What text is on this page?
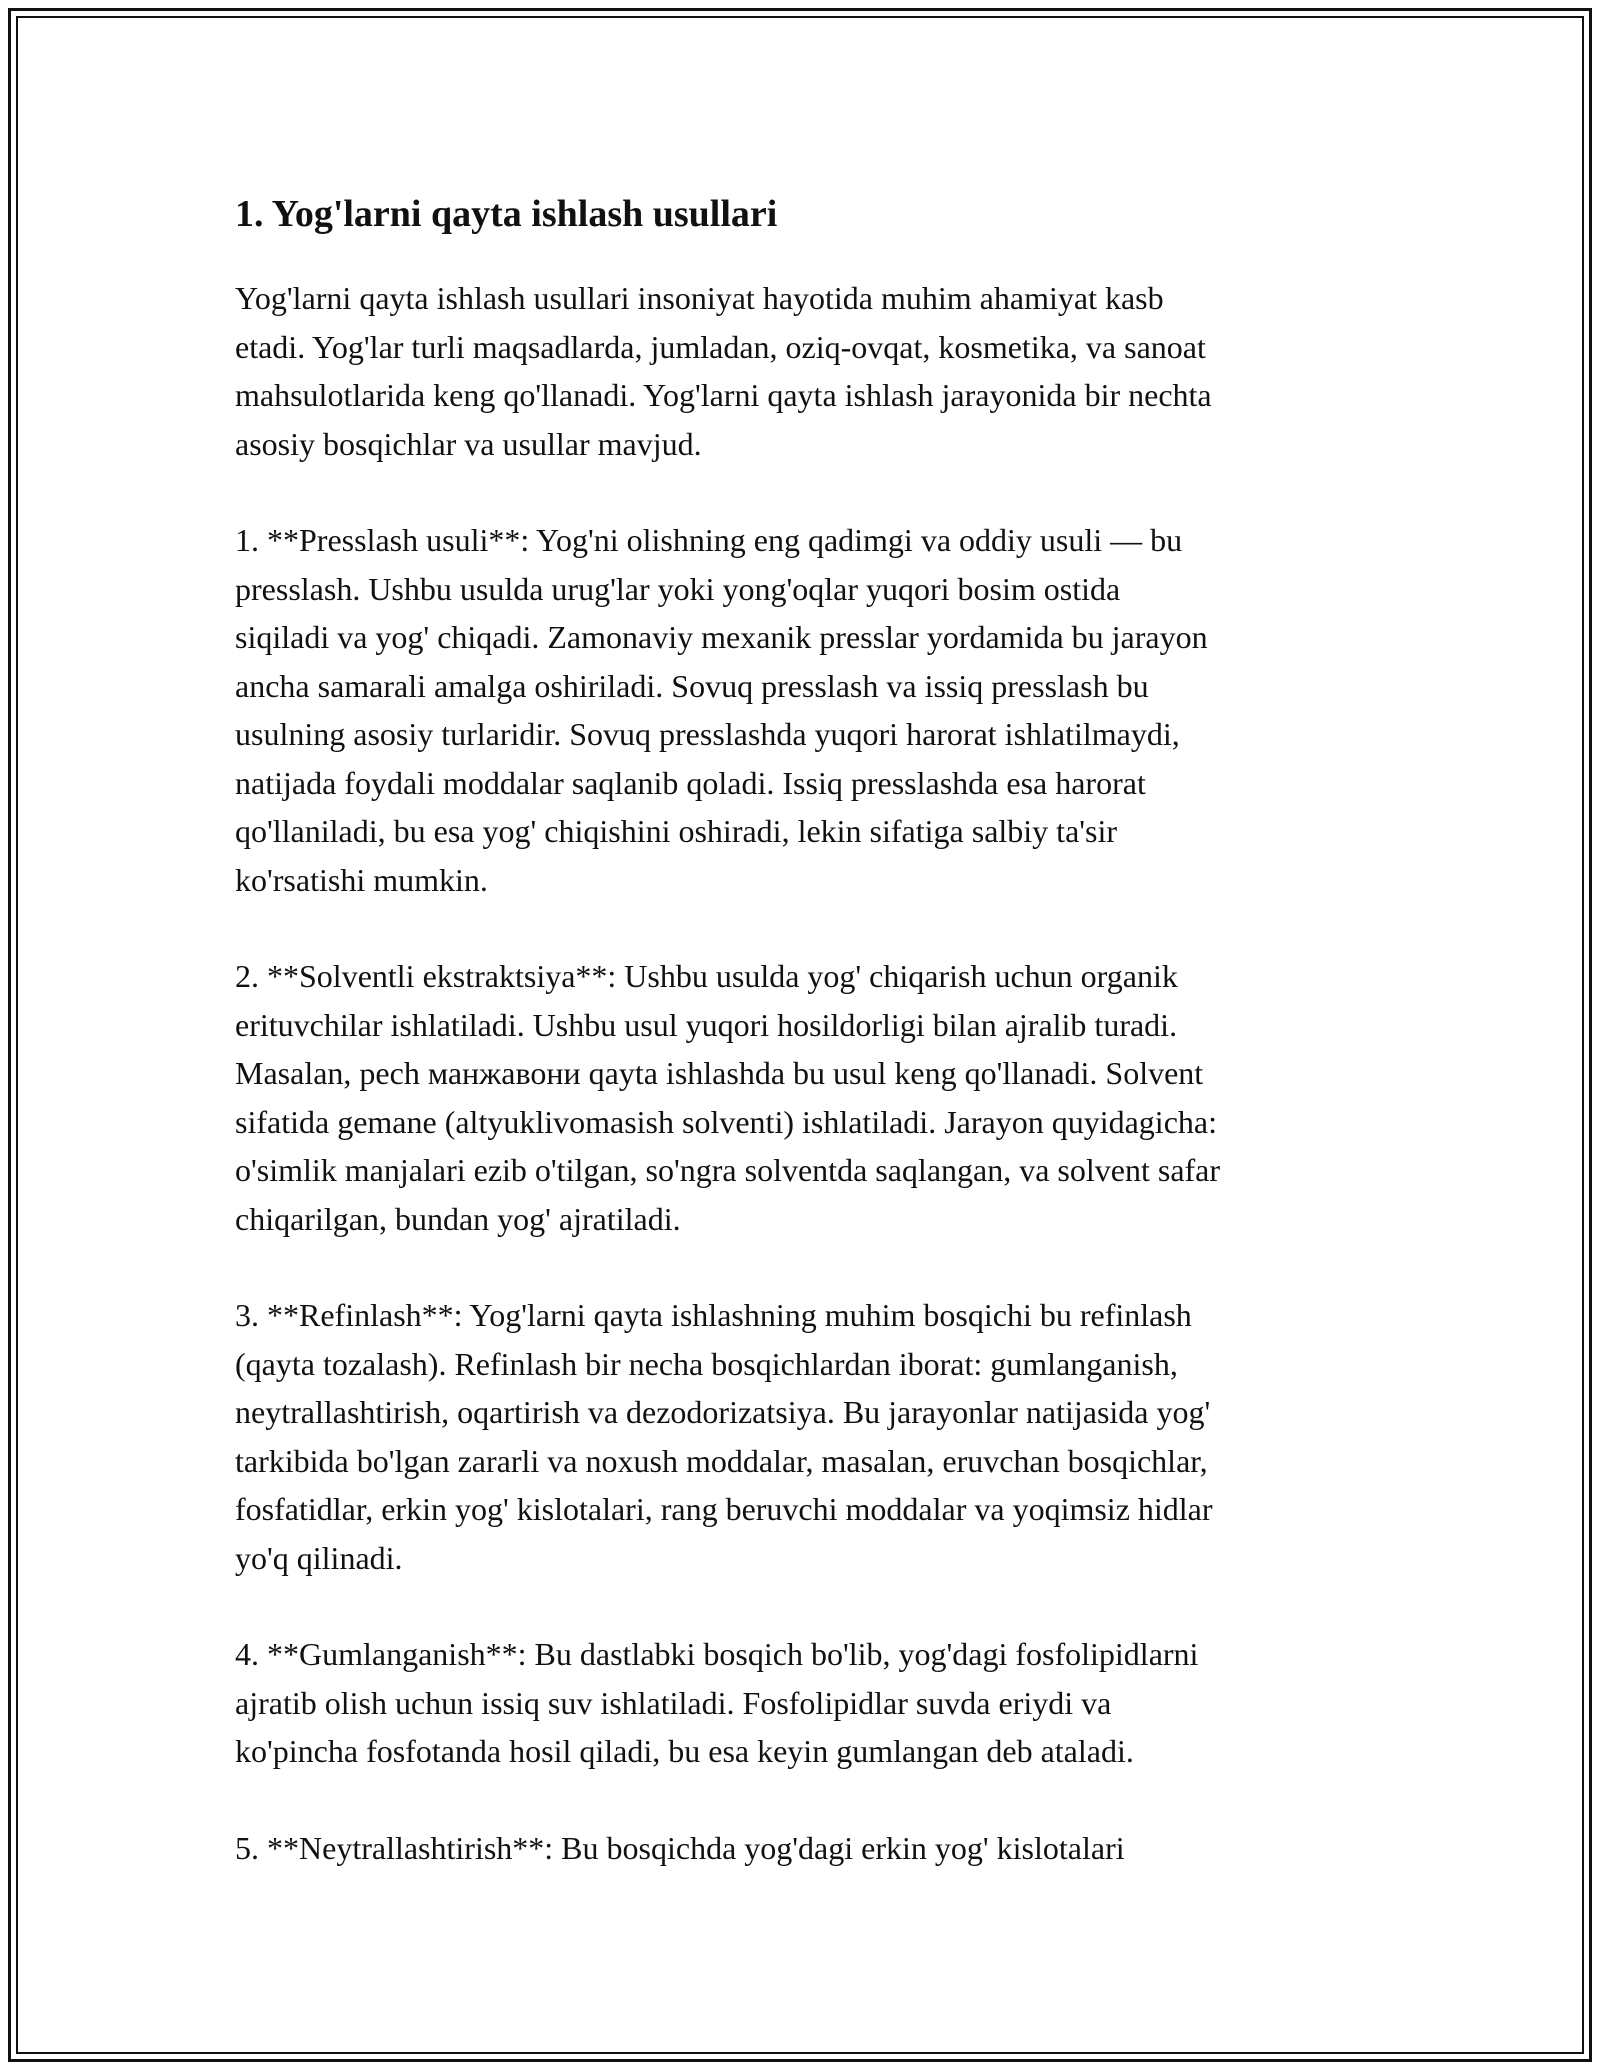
1. Yog'larni qayta ishlash usullari

Yog'larni qayta ishlash usullari insoniyat hayotida muhim ahamiyat kasb
etadi. Yog'lar turli maqsadlarda, jumladan, oziq-ovqat, kosmetika, va sanoat
mahsulotlarida keng qo'llanadi. Yog'larni qayta ishlash jarayonida bir nechta
asosiy bosqichlar va usullar mavjud.

1. **Presslash usuli**: Yog'ni olishning eng qadimgi va oddiy usuli — bu
presslash. Ushbu usulda urug'lar yoki yong'oqlar yuqori bosim ostida
siqiladi va yog' chiqadi. Zamonaviy mexanik presslar yordamida bu jarayon
ancha samarali amalga oshiriladi. Sovuq presslash va issiq presslash bu
usulning asosiy turlaridir. Sovuq presslashda yuqori harorat ishlatilmaydi,
natijada foydali moddalar saqlanib qoladi. Issiq presslashda esa harorat
qo'llaniladi, bu esa yog' chiqishini oshiradi, lekin sifatiga salbiy ta'sir
ko'rsatishi mumkin.

2. **Solventli ekstraktsiya**: Ushbu usulda yog' chiqarish uchun organik
erituvchilar ishlatiladi. Ushbu usul yuqori hosildorligi bilan ajralib turadi.
Masalan, pech манжавони qayta ishlashda bu usul keng qo'llanadi. Solvent
sifatida gemane (altyuklivomasish solventi) ishlatiladi. Jarayon quyidagicha:
o'simlik manjalari ezib o'tilgan, so'ngra solventda saqlangan, va solvent safar
chiqarilgan, bundan yog' ajratiladi.

3. **Refinlash**: Yog'larni qayta ishlashning muhim bosqichi bu refinlash
(qayta tozalash). Refinlash bir necha bosqichlardan iborat: gumlanganish,
neytrallashtirish, oqartirish va dezodorizatsiya. Bu jarayonlar natijasida yog'
tarkibida bo'lgan zararli va noxush moddalar, masalan, eruvchan bosqichlar,
fosfatidlar, erkin yog' kislotalari, rang beruvchi moddalar va yoqimsiz hidlar
yo'q qilinadi.

4. **Gumlanganish**: Bu dastlabki bosqich bo'lib, yog'dagi fosfolipidlarni
ajratib olish uchun issiq suv ishlatiladi. Fosfolipidlar suvda eriydi va
ko'pincha fosfotanda hosil qiladi, bu esa keyin gumlangan deb ataladi.

5. **Neytrallashtirish**: Bu bosqichda yog'dagi erkin yog' kislotalari
